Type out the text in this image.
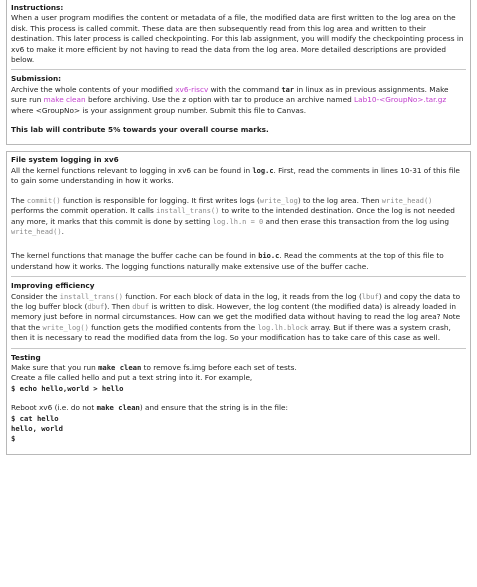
Instructions:

When a user program modifies the content or metadata of a file, the modified data are first written to the log area on the disk. This process is called commit. These data are then subsequently read from this log area and written to their destination. This later process is called checkpointing. For this lab assignment, you will modify the checkpointing process in xv6 to make it more efficient by not having to read the data from the log area. More detailed descriptions are provided below.

Submission:

Archive the whole contents of your modified xv6-riscv with the command tar in linux as in previous assignments. Make sure run make clean before archiving. Use the z option with tar to produce an archive named Lab10-<GroupNo>.tar.gz where <GroupNo> is your assignment group number. Submit this file to Canvas.

This lab will contribute 5% towards your overall course marks.

File system logging in xv6

All the kernel functions relevant to logging in xv6 can be found in log.c. First, read the comments in lines 10-31 of this file to gain some understanding in how it works.

The commit() function is responsible for logging. It first writes logs (write_log) to the log area. Then write_head() performs the commit operation. It calls install_trans() to write to the intended destination. Once the log is not needed any more, it marks that this commit is done by setting log.lh.n = 0 and then erase this transaction from the log using write_head().

The kernel functions that manage the buffer cache can be found in bio.c. Read the comments at the top of this file to understand how it works. The logging functions naturally make extensive use of the buffer cache.

Improving efficiency

Consider the install_trans() function. For each block of data in the log, it reads from the log (lbuf) and copy the data to the log buffer block (dbuf). Then dbuf is written to disk. However, the log content (the modified data) is already loaded in memory just before in normal circumstances. How can we get the modified data without having to read the log area? Note that the write_log() function gets the modified contents from the log.lh.block array. But if there was a system crash, then it is necessary to read the modified data from the log. So your modification has to take care of this case as well.

Testing

Make sure that you run make clean to remove fs.img before each set of tests.

Create a file called hello and put a text string into it. For example,

$ echo hello,world > hello

Reboot xv6 (i.e. do not make clean) and ensure that the string is in the file:

$ cat hello

hello, world

$
